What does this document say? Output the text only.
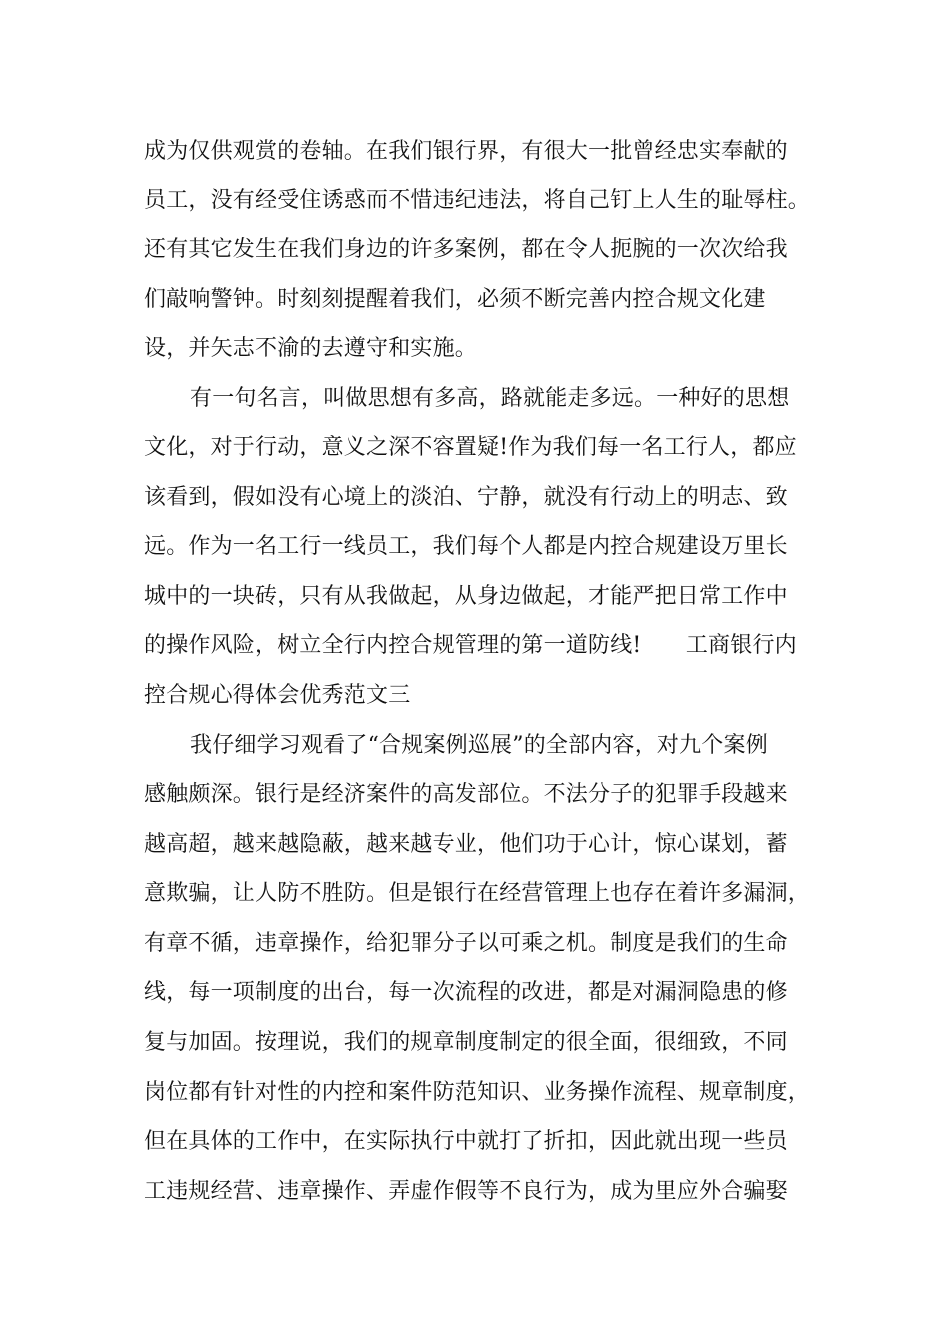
成为仅供观赏的卷轴。在我们银行界，有很大一批曾经忠实奉献的
员工，没有经受住诱惑而不惜违纪违法，将自己钉上人生的耻辱柱。
还有其它发生在我们身边的许多案例，都在令人扼腕的一次次给我
们敲响警钟。时刻刻提醒着我们，必须不断完善内控合规文化建
设，并矢志不渝的去遵守和实施。
有一句名言，叫做思想有多高，路就能走多远。一种好的思想
文化，对于行动，意义之深不容置疑!作为我们每一名工行人，都应
该看到，假如没有心境上的淡泊、宁静，就没有行动上的明志、致
远。作为一名工行一线员工，我们每个人都是内控合规建设万里长
城中的一块砖，只有从我做起，从身边做起，才能严把日常工作中
的操作风险，树立全行内控合规管理的第一道防线!　　工商银行内
控合规心得体会优秀范文三
我仔细学习观看了“合规案例巡展”的全部内容，对九个案例
感触颇深。银行是经济案件的高发部位。不法分子的犯罪手段越来
越高超，越来越隐蔽，越来越专业，他们功于心计，惊心谋划，蓄
意欺骗，让人防不胜防。但是银行在经营管理上也存在着许多漏洞，
有章不循，违章操作，给犯罪分子以可乘之机。制度是我们的生命
线，每一项制度的出台，每一次流程的改进，都是对漏洞隐患的修
复与加固。按理说，我们的规章制度制定的很全面，很细致，不同
岗位都有针对性的内控和案件防范知识、业务操作流程、规章制度，
但在具体的工作中，在实际执行中就打了折扣，因此就出现一些员
工违规经营、违章操作、弄虚作假等不良行为，成为里应外合骗娶
